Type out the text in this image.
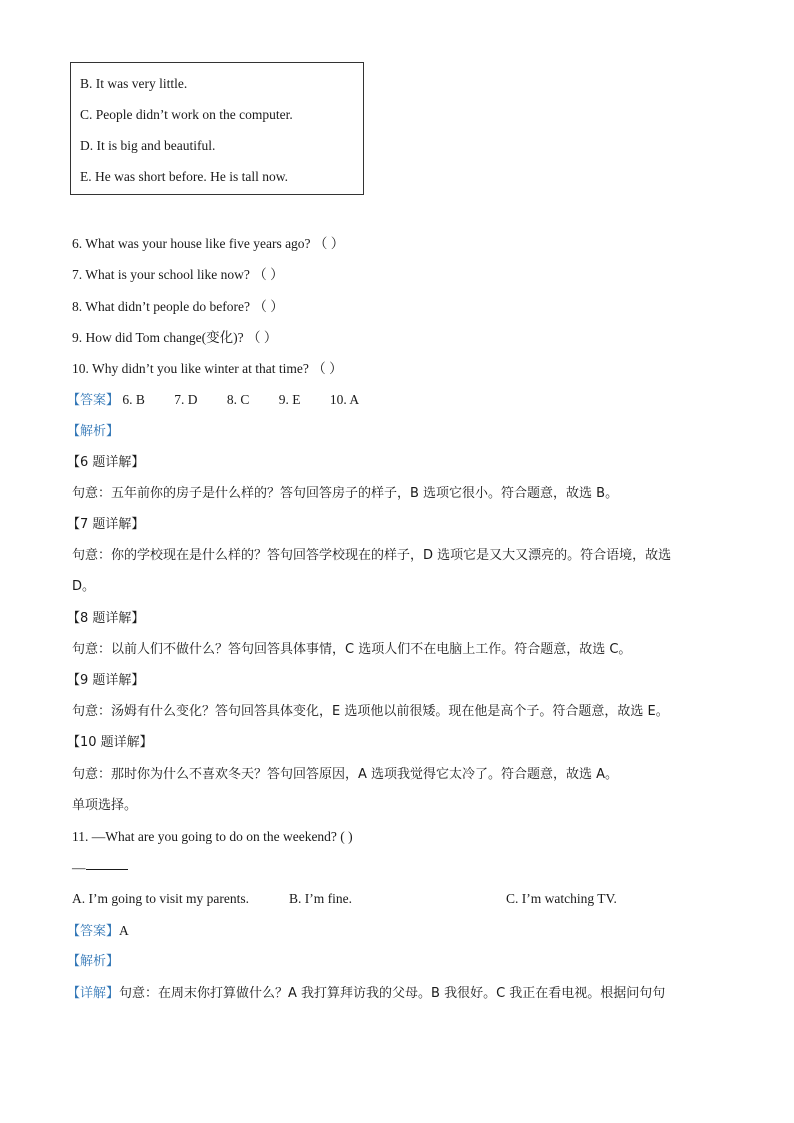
B. It was very little.
C. People didn’t work on the computer.
D. It is big and beautiful.
E. He was short before. He is tall now.
6. What was your house like five years ago? （ ）
7. What is your school like now? （ ）
8. What didn’t people do before? （ ）
9. How did Tom change(变化)? （ ）
10. Why didn’t you like winter at that time? （ ）
【答案】 6. B 7. D 8. C 9. E 10. A
【解析】
【6 题详解】
句意：五年前你的房子是什么样的？答句回答房子的样子，B 选项它很小。符合题意，故选 B。
【7 题详解】
句意：你的学校现在是什么样的？答句回答学校现在的样子，D 选项它是又大又漂亮的。符合语境，故选
D。
【8 题详解】
句意：以前人们不做什么？答句回答具体事情，C 选项人们不在电脑上工作。符合题意，故选 C。
【9 题详解】
句意：汤姆有什么变化？答句回答具体变化，E 选项他以前很矮。现在他是高个子。符合题意，故选 E。
【10 题详解】
句意：那时你为什么不喜欢冬天？答句回答原因，A 选项我觉得它太冷了。符合题意，故选 A。
单项选择。
11. —What are you going to do on the weekend? ( )
—
A. I’m going to visit my parents.	B. I’m fine.	C. I’m watching TV.
【答案】A
【解析】
【详解】句意：在周末你打算做什么？A 我打算拜访我的父母。B 我很好。C 我正在看电视。根据问句句
